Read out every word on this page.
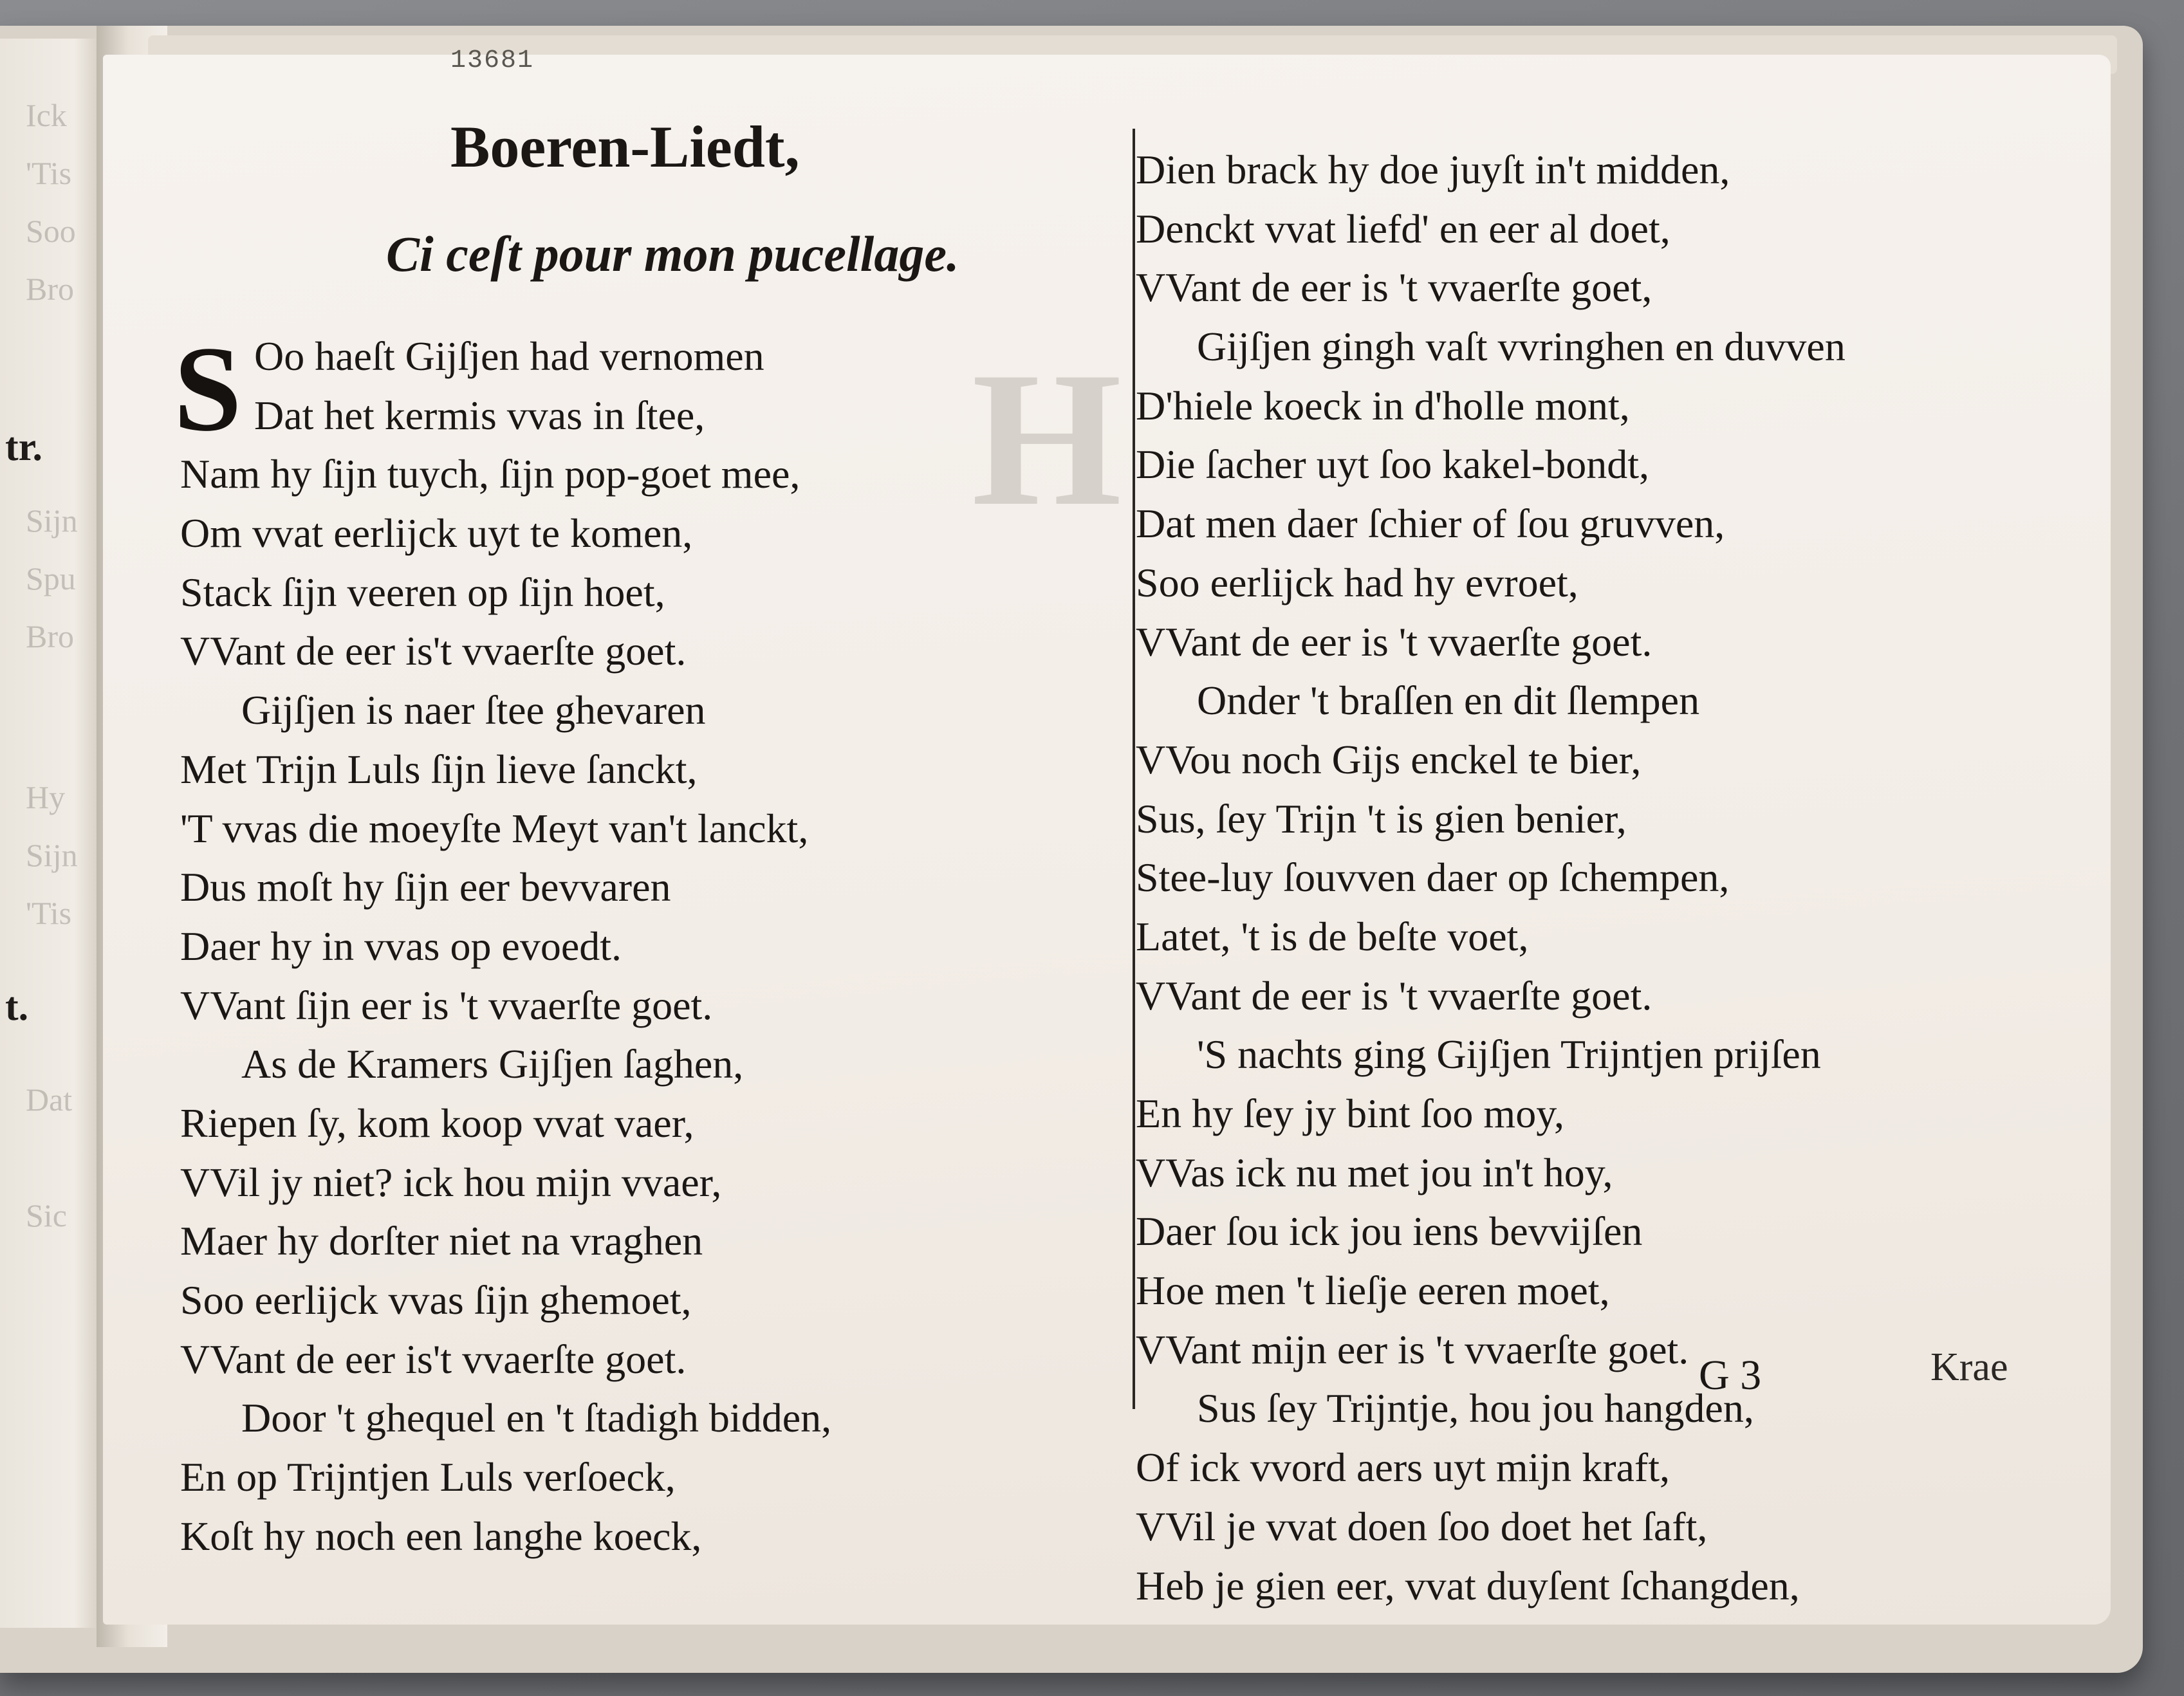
Ick
'Tis
Soo
Bro
tr.
Sijn
Spu
Bro
Hy
Sijn
'Tis
t.
Dat
Sic
13681
H
Boeren-Liedt,
Ci ceſt pour mon pucellage.
S Oo haeſt Gijſjen had vernomen
Dat het kermis vvas in ſtee,
Nam hy ſijn tuych, ſijn pop-goet mee,
Om vvat eerlijck uyt te komen,
Stack ſijn veeren op ſijn hoet,
VVant de eer is't vvaerſte goet.
Gijſjen is naer ſtee ghevaren
Met Trijn Luls ſijn lieve ſanckt,
'T vvas die moeyſte Meyt van't lanckt,
Dus moſt hy ſijn eer bevvaren
Daer hy in vvas op evoedt.
VVant ſijn eer is 't vvaerſte goet.
As de Kramers Gijſjen ſaghen,
Riepen ſy, kom koop vvat vaer,
VVil jy niet? ick hou mijn vvaer,
Maer hy dorſter niet na vraghen
Soo eerlijck vvas ſijn ghemoet,
VVant de eer is't vvaerſte goet.
Door 't ghequel en 't ſtadigh bidden,
En op Trijntjen Luls verſoeck,
Koſt hy noch een langhe koeck,
Dien brack hy doe juyſt in't midden,
Denckt vvat liefd' en eer al doet,
VVant de eer is 't vvaerſte goet,
Gijſjen gingh vaſt vvringhen en duvven
D'hiele koeck in d'holle mont,
Die ſacher uyt ſoo kakel-bondt,
Dat men daer ſchier of ſou gruvven,
Soo eerlijck had hy evroet,
VVant de eer is 't vvaerſte goet.
Onder 't braſſen en dit ſlempen
VVou noch Gijs enckel te bier,
Sus, ſey Trijn 't is gien benier,
Stee-luy ſouvven daer op ſchempen,
Latet, 't is de beſte voet,
VVant de eer is 't vvaerſte goet.
'S nachts ging Gijſjen Trijntjen prijſen
En hy ſey jy bint ſoo moy,
VVas ick nu met jou in't hoy,
Daer ſou ick jou iens bevvijſen
Hoe men 't lieſje eeren moet,
VVant mijn eer is 't vvaerſte goet.
Sus ſey Trijntje, hou jou hangden,
Of ick vvord aers uyt mijn kraft,
VVil je vvat doen ſoo doet het ſaft,
Heb je gien eer, vvat duyſent ſchangden,
G 3	Krae
